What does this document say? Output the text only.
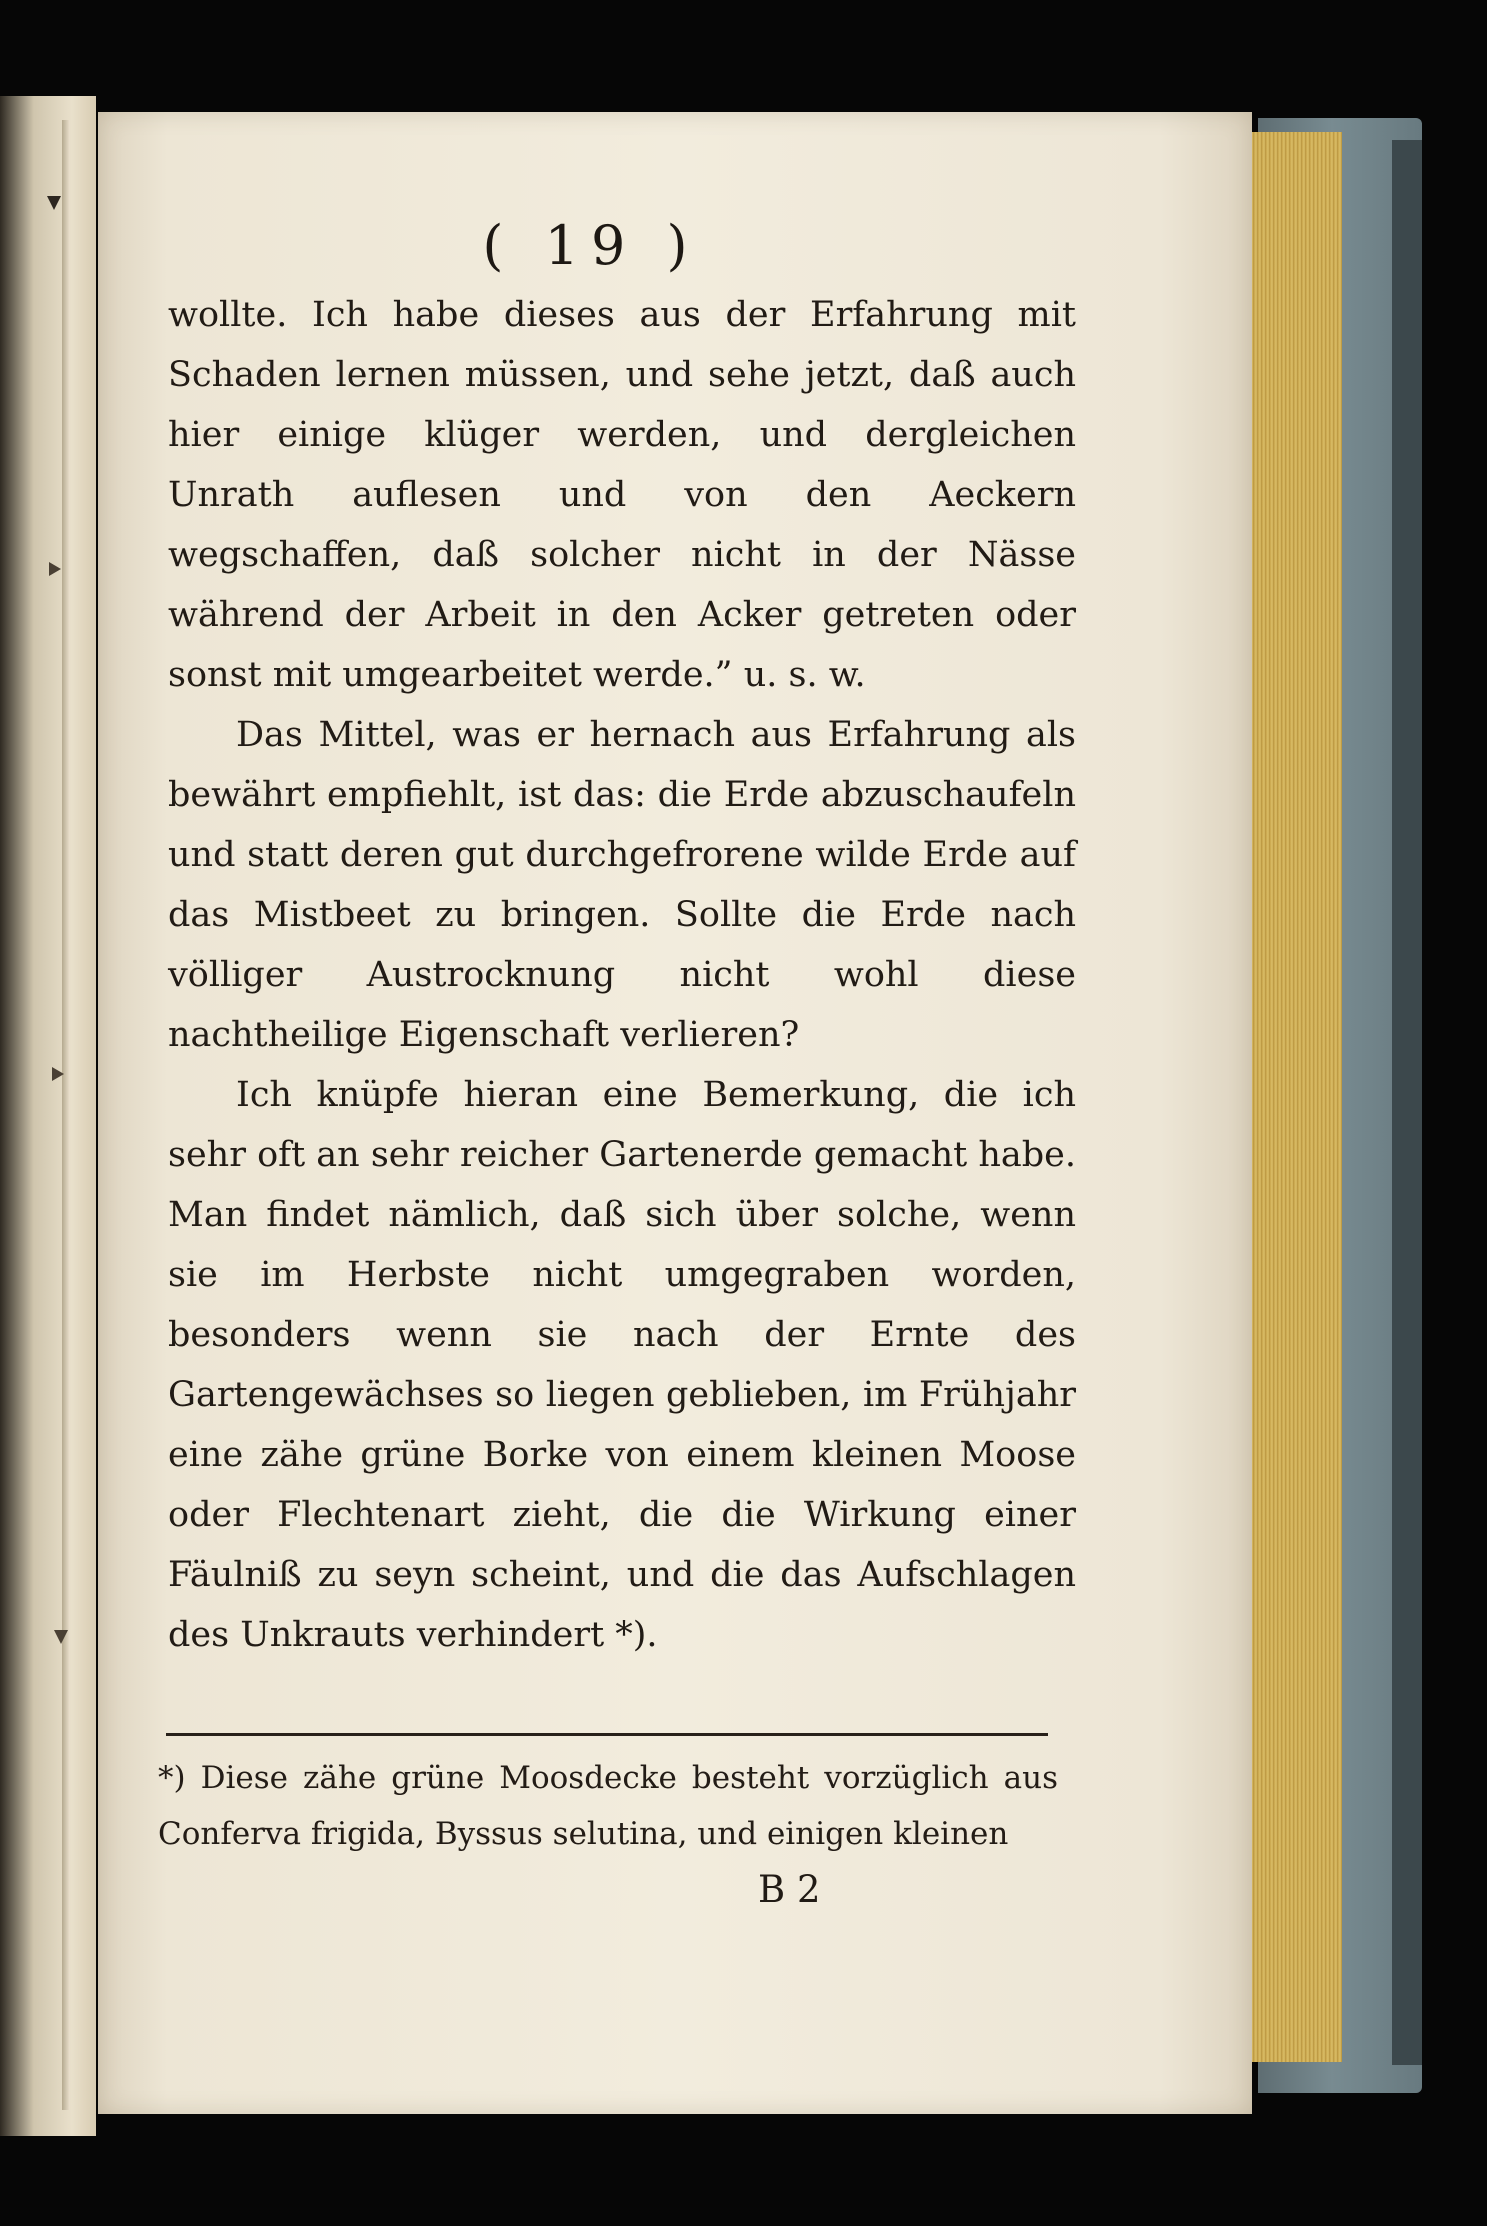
( 19 )

wollte. Ich habe dieses aus der Erfahrung mit Schaden lernen müssen, und sehe jetzt, daß auch hier einige klüger werden, und dergleichen Unrath auflesen und von den Aeckern wegschaffen, daß solcher nicht in der Nässe während der Arbeit in den Acker getreten oder sonst mit umgearbeitet werde.” u. s. w.

Das Mittel, was er hernach aus Erfahrung als bewährt empfiehlt, ist das: die Erde abzuschaufeln und statt deren gut durchgefrorene wilde Erde auf das Mistbeet zu bringen. Sollte die Erde nach völliger Austrocknung nicht wohl diese nachtheilige Eigenschaft verlieren?

Ich knüpfe hieran eine Bemerkung, die ich sehr oft an sehr reicher Gartenerde gemacht habe. Man findet nämlich, daß sich über solche, wenn sie im Herbste nicht umgegraben worden, besonders wenn sie nach der Ernte des Gartengewächses so liegen geblieben, im Frühjahr eine zähe grüne Borke von einem kleinen Moose oder Flechtenart zieht, die die Wirkung einer Fäulniß zu seyn scheint, und die das Aufschlagen des Unkrauts verhindert *).

*) Diese zähe grüne Moosdecke besteht vorzüglich aus Conferva frigida, Byssus selutina, und einigen kleinen
B 2
